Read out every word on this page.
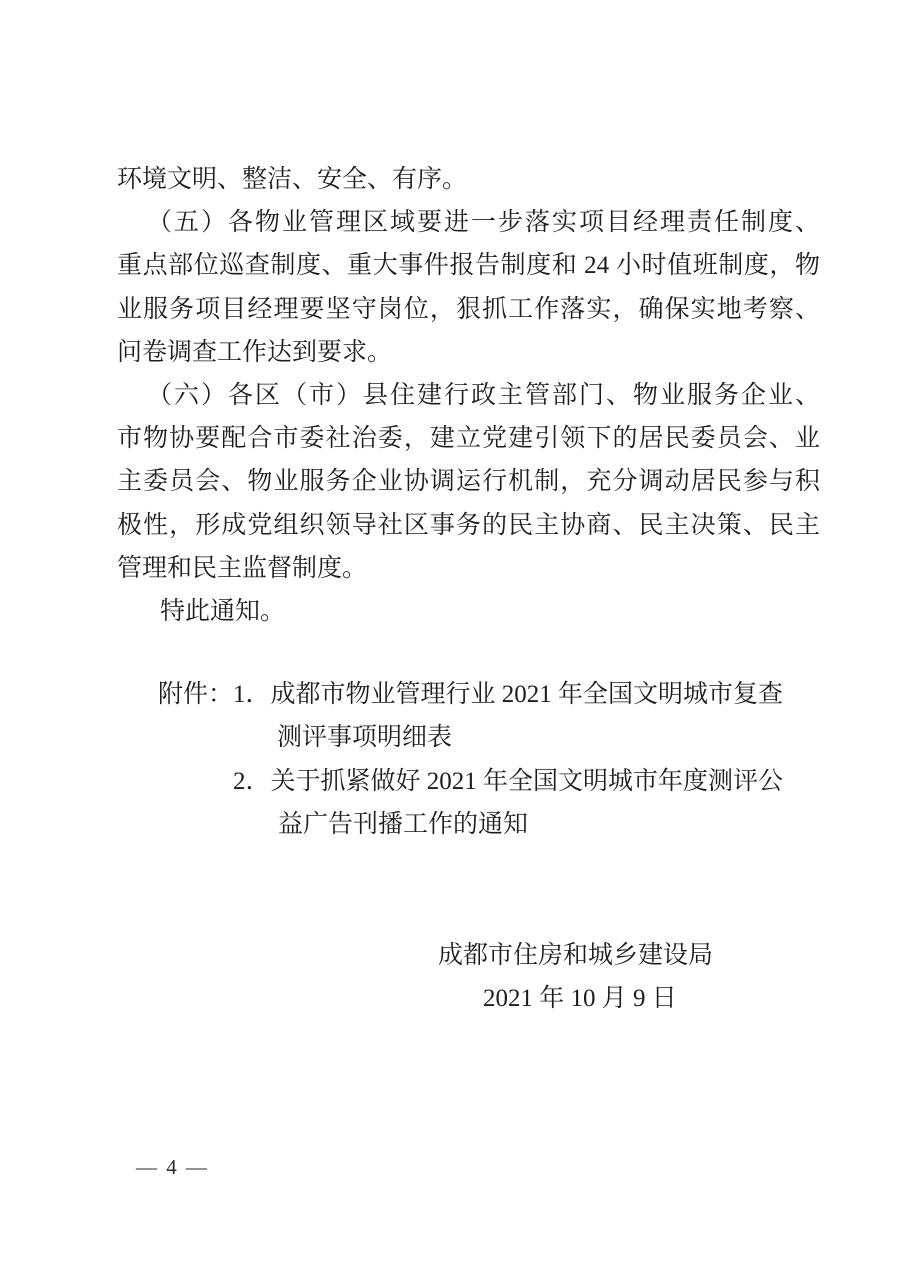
环境文明、整洁、安全、有序。
（五）各物业管理区域要进一步落实项目经理责任制度、
重点部位巡查制度、重大事件报告制度和 24 小时值班制度，物
业服务项目经理要坚守岗位，狠抓工作落实，确保实地考察、
问卷调查工作达到要求。
（六）各区（市）县住建行政主管部门、物业服务企业、
市物协要配合市委社治委，建立党建引领下的居民委员会、业
主委员会、物业服务企业协调运行机制，充分调动居民参与积
极性，形成党组织领导社区事务的民主协商、民主决策、民主
管理和民主监督制度。
特此通知。
附件：1．成都市物业管理行业 2021 年全国文明城市复查
测评事项明细表
2．关于抓紧做好 2021 年全国文明城市年度测评公
益广告刊播工作的通知
成都市住房和城乡建设局
2021 年 10 月 9 日
— 4 —
